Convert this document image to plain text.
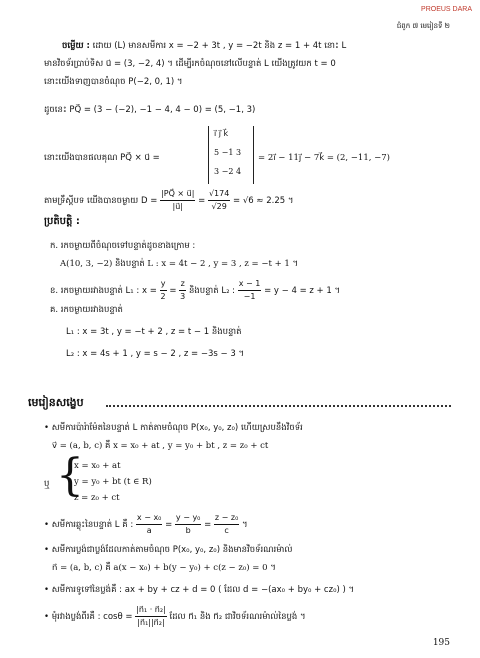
PROEUS DARA
ជំពូក ៧ មេរៀនទី ២
ចម្លើយ : ដោយ (L) មានសមីការ x = −2 + 3t , y = −2t និង z = 1 + 4t នោះ L
មានវិចទ័រប្រាប់ទិស u⃗ = (3, −2, 4) ។ ដើម្បីរកចំណុចនៅលើបន្ទាត់ L យើងត្រូវយក t = 0
នោះយើងទាញបានចំណុច P(−2, 0, 1) ។
ដូចនេះ PQ⃗ = (3 − (−2), −1 − 4, 4 − 0) = (5, −1, 3)
នោះយើងបានផលគុណ PQ⃗ × u⃗ =
i⃗ j⃗ k⃗
5 −1 3
3 −2 4
= 2i⃗ − 11j⃗ − 7k⃗ = (2, −11, −7)
តាមទ្រឹស្តីបទ យើងបានចម្ងាយ $D = \frac{|PQ⃗ \times u⃗|}{|u⃗|} = \frac{√174}{√29} = √6 \approx 2.25$ ។
ប្រតិបត្តិ :
ក. រកចម្ងាយពីចំណុចទៅបន្ទាត់ដូចខាងក្រោម :
A(10, 3, −2) និងបន្ទាត់ L : x = 4t − 2 , y = 3 , z = −t + 1 ។
ខ. រកចម្ងាយរវាងបន្ទាត់ L₁ : $x = \frac{y}{2} = \frac{z}{3}$ និងបន្ទាត់ L₂ : $\frac{x - 1}{-1} = y - 4 = z + 1$ ។
គ. រកចម្ងាយរវាងបន្ទាត់
L₁ : x = 3t , y = −t + 2 , z = t − 1 និងបន្ទាត់
L₂ : x = 4s + 1 , y = s − 2 , z = −3s − 3 ។
មេរៀនសង្ខេប
• សមីការប៉ារ៉ាម៉ែតនៃបន្ទាត់ L កាត់តាមចំណុច P(x₀, y₀, z₀) ហើយស្របនឹងវិចទ័រ
v⃗ = (a, b, c) គឺ x = x₀ + at , y = y₀ + bt , z = z₀ + ct
ឬ {
x = x₀ + at
y = y₀ + bt (t ∈ R)
z = z₀ + ct
• សមីការឆ្លុះនៃបន្ទាត់ L គឺ : $\frac{\text{x − x₀}}{a} = \frac{\text{y − y₀}}{b} = \frac{\text{z − z₀}}{c}$ ។
• សមីការប្លង់ជាប្លង់ដែលកាត់តាមចំណុច P(x₀, y₀, z₀) និងមានវិចទ័រណរម៉ាល់
n⃗ = (a, b, c) គឺ a(x − x₀) + b(y − y₀) + c(z − z₀) = 0 ។
• សមីការទូទៅនៃប្លង់គឺ : ax + by + cz + d = 0 ( ដែល d = −(ax₀ + by₀ + cz₀) ) ។
• មុំរវាងប្លង់ពីរគឺ : $\cos\theta = \frac{\text{|n⃗₁ · n⃗₂|}}{\text{|n⃗₁||n⃗₂|}}$ ដែល n⃗₁ និង n⃗₂ ជាវិចទ័រណរម៉ាល់នៃប្លង់ ។
195
